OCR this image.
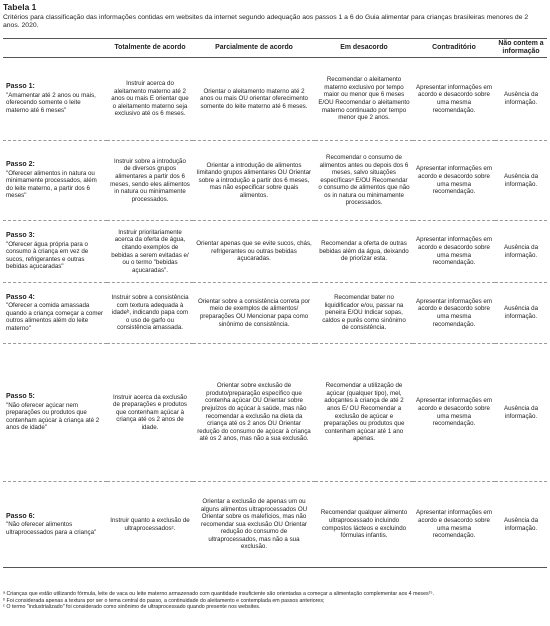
Tabela 1
Critérios para classificação das informações contidas em websites da internet segundo adequação aos passos 1 a 6 do Guia alimentar para crianças brasileiras menores de 2 anos. 2020.
	Totalmente de acordo	Parcialmente de acordo	Em desacordo	Contraditório	Não contem a informação

Passo 1:
"Amamentar até 2 anos ou mais, oferecendo somente o leite materno até 6 meses"	Instruir acerca do aleitamento materno até 2 anos ou mais E orientar que o aleitamento materno seja exclusivo até os 6 meses.	Orientar o aleitamento materno até 2 anos ou mais OU orientar oferecimento somente do leite materno até 6 meses.	Recomendar o aleitamento materno exclusivo por tempo maior ou menor que 6 meses E/OU Recomendar o aleitamento materno continuado por tempo menor que 2 anos.	Apresentar informações em acordo e desacordo sobre uma mesma recomendação.	Ausência da informação.

Passo 2:
"Oferecer alimentos in natura ou minimamente processados, além do leite materno, a partir dos 6 meses"	Instruir sobre a introdução de diversos grupos alimentares a partir dos 6 meses, sendo eles alimentos in natura ou minimamente processados.	Orientar a introdução de alimentos limitando grupos alimentares OU Orientar sobre a introdução a partir dos 6 meses, mas não especificar sobre quais alimentos.	Recomendar o consumo de alimentos antes ou depois dos 6 meses, salvo situações específicasᵃ E/OU Recomendar o consumo de alimentos que não os in natura ou minimamente processados.	Apresentar informações em acordo e desacordo sobre uma mesma recomendação.	Ausência da informação.

Passo 3:
"Oferecer água própria para o consumo à criança em vez de sucos, refrigerantes e outras bebidas açucaradas"	Instruir prioritariamente acerca da oferta de água, citando exemplos de bebidas a serem evitadas e/ ou o termo "bebidas açucaradas".	Orientar apenas que se evite sucos, chás, refrigerantes ou outras bebidas açucaradas.	Recomendar a oferta de outras bebidas além da água, deixando de priorizar esta.	Apresentar informações em acordo e desacordo sobre uma mesma recomendação.	Ausência da informação.

Passo 4:
"Oferecer a comida amassada quando a criança começar a comer outros alimentos além do leite materno"	Instruir sobre a consistência com textura adequada à idadeᵇ, indicando papa com o uso de garfo ou consistência amassada.	Orientar sobre a consistência correta por meio de exemplos de alimentos/ preparações OU Mencionar papa como sinônimo de consistência.	Recomendar bater no liquidificador e/ou, passar na peneira E/OU Indicar sopas, caldos e purês como sinônimo de consistência.	Apresentar informações em acordo e desacordo sobre uma mesma recomendação.	Ausência da informação.

Passo 5:
"Não oferecer açúcar nem preparações ou produtos que contenham açúcar à criança até 2 anos de idade"	Instruir acerca da exclusão de preparações e produtos que contenham açúcar à criança até os 2 anos de idade.	Orientar sobre exclusão de produto/preparação específico que contenha açúcar OU Orientar sobre prejuízos do açúcar à saúde, mas não recomendar a exclusão na dieta da criança até os 2 anos OU Orientar redução do consumo de açúcar à criança até os 2 anos, mas não a sua exclusão.	Recomendar a utilização de açúcar (qualquer tipo), mel, adoçantes à criança de até 2 anos E/ OU Recomendar a exclusão de açúcar e preparações ou produtos que contenham açúcar até 1 ano apenas.	Apresentar informações em acordo e desacordo sobre uma mesma recomendação.	Ausência da informação.

Passo 6:
"Não oferecer alimentos ultraprocessados para a criança"	Instruir quanto a exclusão de ultraprocessadosᶜ.	Orientar a exclusão de apenas um ou alguns alimentos ultraprocessados OU Orientar sobre os malefícios, mas não recomendar sua exclusão OU Orientar redução do consumo de ultraprocessados, mas não a sua exclusão.	Recomendar qualquer alimento ultraprocessado incluindo compostos lácteos e excluindo fórmulas infantis.	Apresentar informações em acordo e desacordo sobre uma mesma recomendação.	Ausência da informação.
ᵃ Crianças que estão utilizando fórmula, leite de vaca ou leite materno armazenado com quantidade insuficiente são orientadas a começar a alimentação complementar aos 4 meses¹⁵.
ᵇ Foi considerada apenas a textura por ser o tema central do passo, a continuidade do aleitamento e contemplada em passos anteriores;
ᶜ O termo "industrializado" foi considerado como sinônimo de ultraprocessado quando presente nos websites.
